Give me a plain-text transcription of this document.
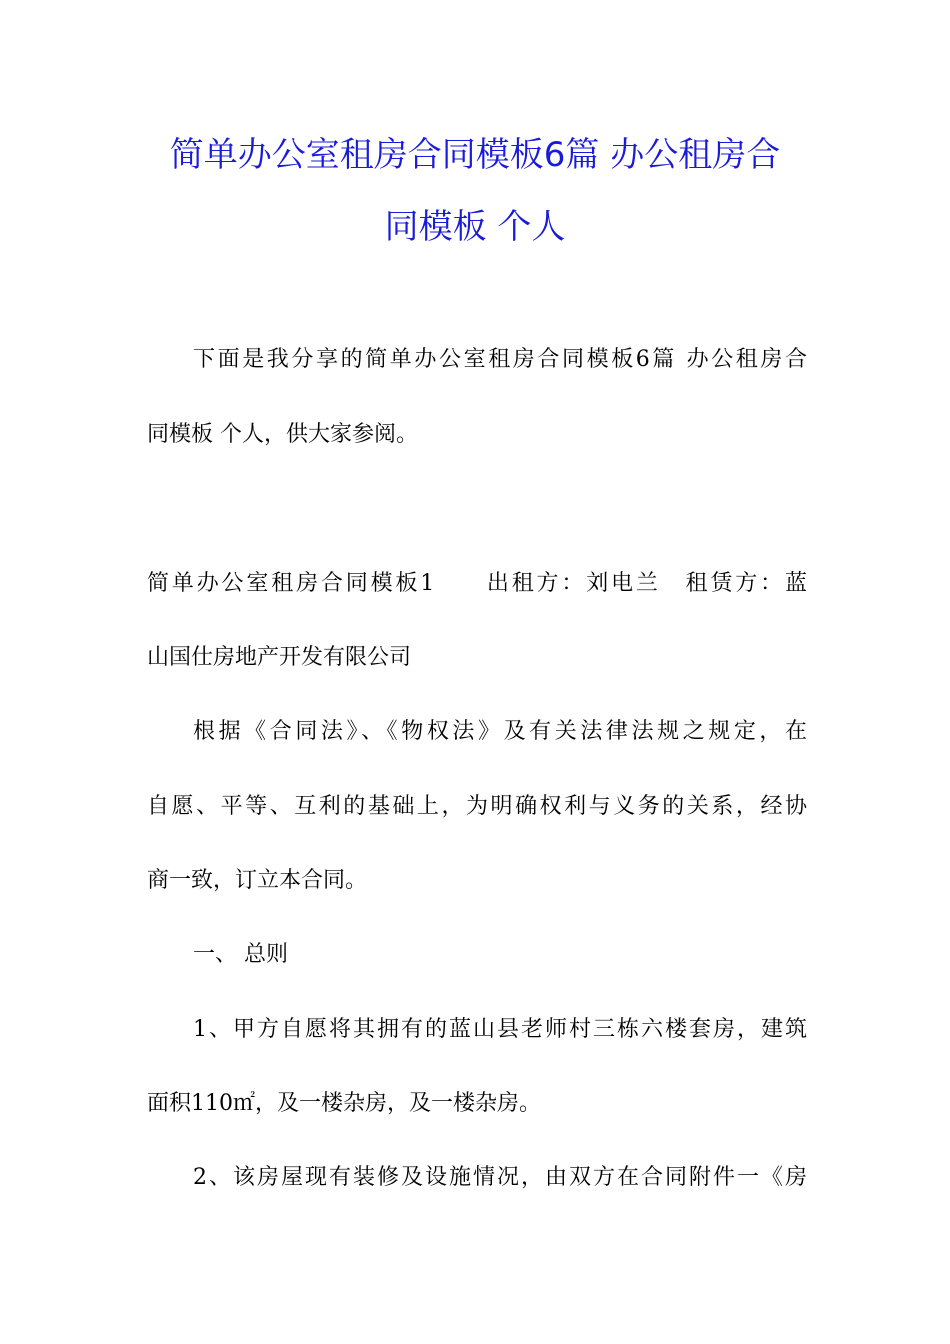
简单办公室租房合同模板6篇 办公租房合
同模板 个人
下面是我分享的简单办公室租房合同模板6篇 办公租房合
同模板 个人，供大家参阅。
简单办公室租房合同模板1　　出租方：刘电兰　租赁方：蓝
山国仕房地产开发有限公司
根据《合同法》、《物权法》及有关法律法规之规定，在
自愿、平等、互利的基础上，为明确权利与义务的关系，经协
商一致，订立本合同。
一、 总则
1、甲方自愿将其拥有的蓝山县老师村三栋六楼套房，建筑
面积110㎡，及一楼杂房，及一楼杂房。
2、该房屋现有装修及设施情况，由双方在合同附件一《房
